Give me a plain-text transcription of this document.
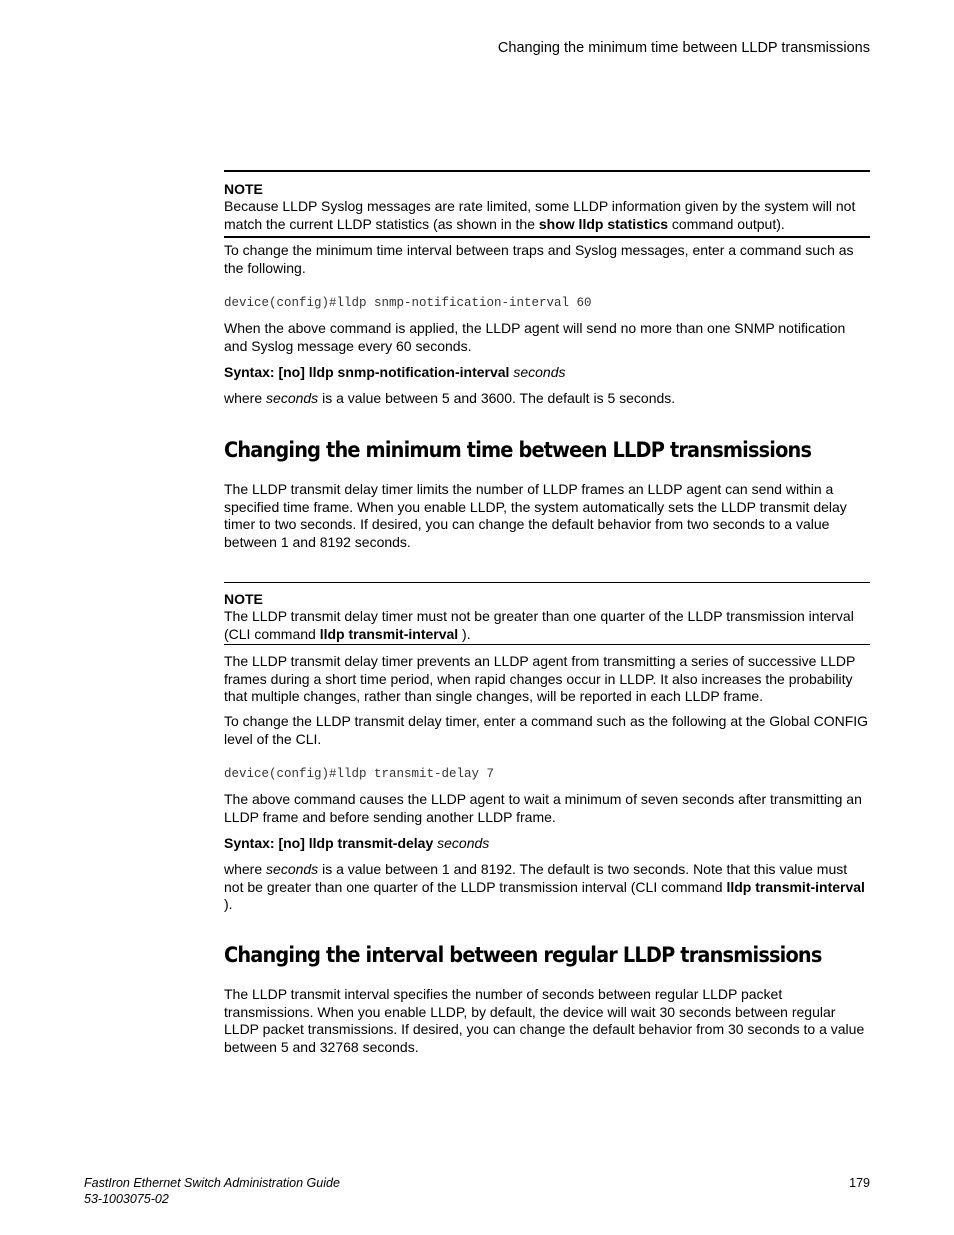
Changing the minimum time between LLDP transmissions

NOTE

Because LLDP Syslog messages are rate limited, some LLDP information given by the system will not match the current LLDP statistics (as shown in the show lldp statistics command output).

To change the minimum time interval between traps and Syslog messages, enter a command such as the following.

device(config)#lldp snmp-notification-interval 60

When the above command is applied, the LLDP agent will send no more than one SNMP notification and Syslog message every 60 seconds.

Syntax: [no] lldp snmp-notification-interval seconds

where seconds is a value between 5 and 3600. The default is 5 seconds.

Changing the minimum time between LLDP transmissions

The LLDP transmit delay timer limits the number of LLDP frames an LLDP agent can send within a specified time frame. When you enable LLDP, the system automatically sets the LLDP transmit delay timer to two seconds. If desired, you can change the default behavior from two seconds to a value between 1 and 8192 seconds.

NOTE

The LLDP transmit delay timer must not be greater than one quarter of the LLDP transmission interval (CLI command lldp transmit-interval ).

The LLDP transmit delay timer prevents an LLDP agent from transmitting a series of successive LLDP frames during a short time period, when rapid changes occur in LLDP. It also increases the probability that multiple changes, rather than single changes, will be reported in each LLDP frame.

To change the LLDP transmit delay timer, enter a command such as the following at the Global CONFIG level of the CLI.

device(config)#lldp transmit-delay 7

The above command causes the LLDP agent to wait a minimum of seven seconds after transmitting an LLDP frame and before sending another LLDP frame.

Syntax: [no] lldp transmit-delay seconds

where seconds is a value between 1 and 8192. The default is two seconds. Note that this value must not be greater than one quarter of the LLDP transmission interval (CLI command lldp transmit-interval ).

Changing the interval between regular LLDP transmissions

The LLDP transmit interval specifies the number of seconds between regular LLDP packet transmissions. When you enable LLDP, by default, the device will wait 30 seconds between regular LLDP packet transmissions. If desired, you can change the default behavior from 30 seconds to a value between 5 and 32768 seconds.

FastIron Ethernet Switch Administration Guide
53-1003075-02
179
